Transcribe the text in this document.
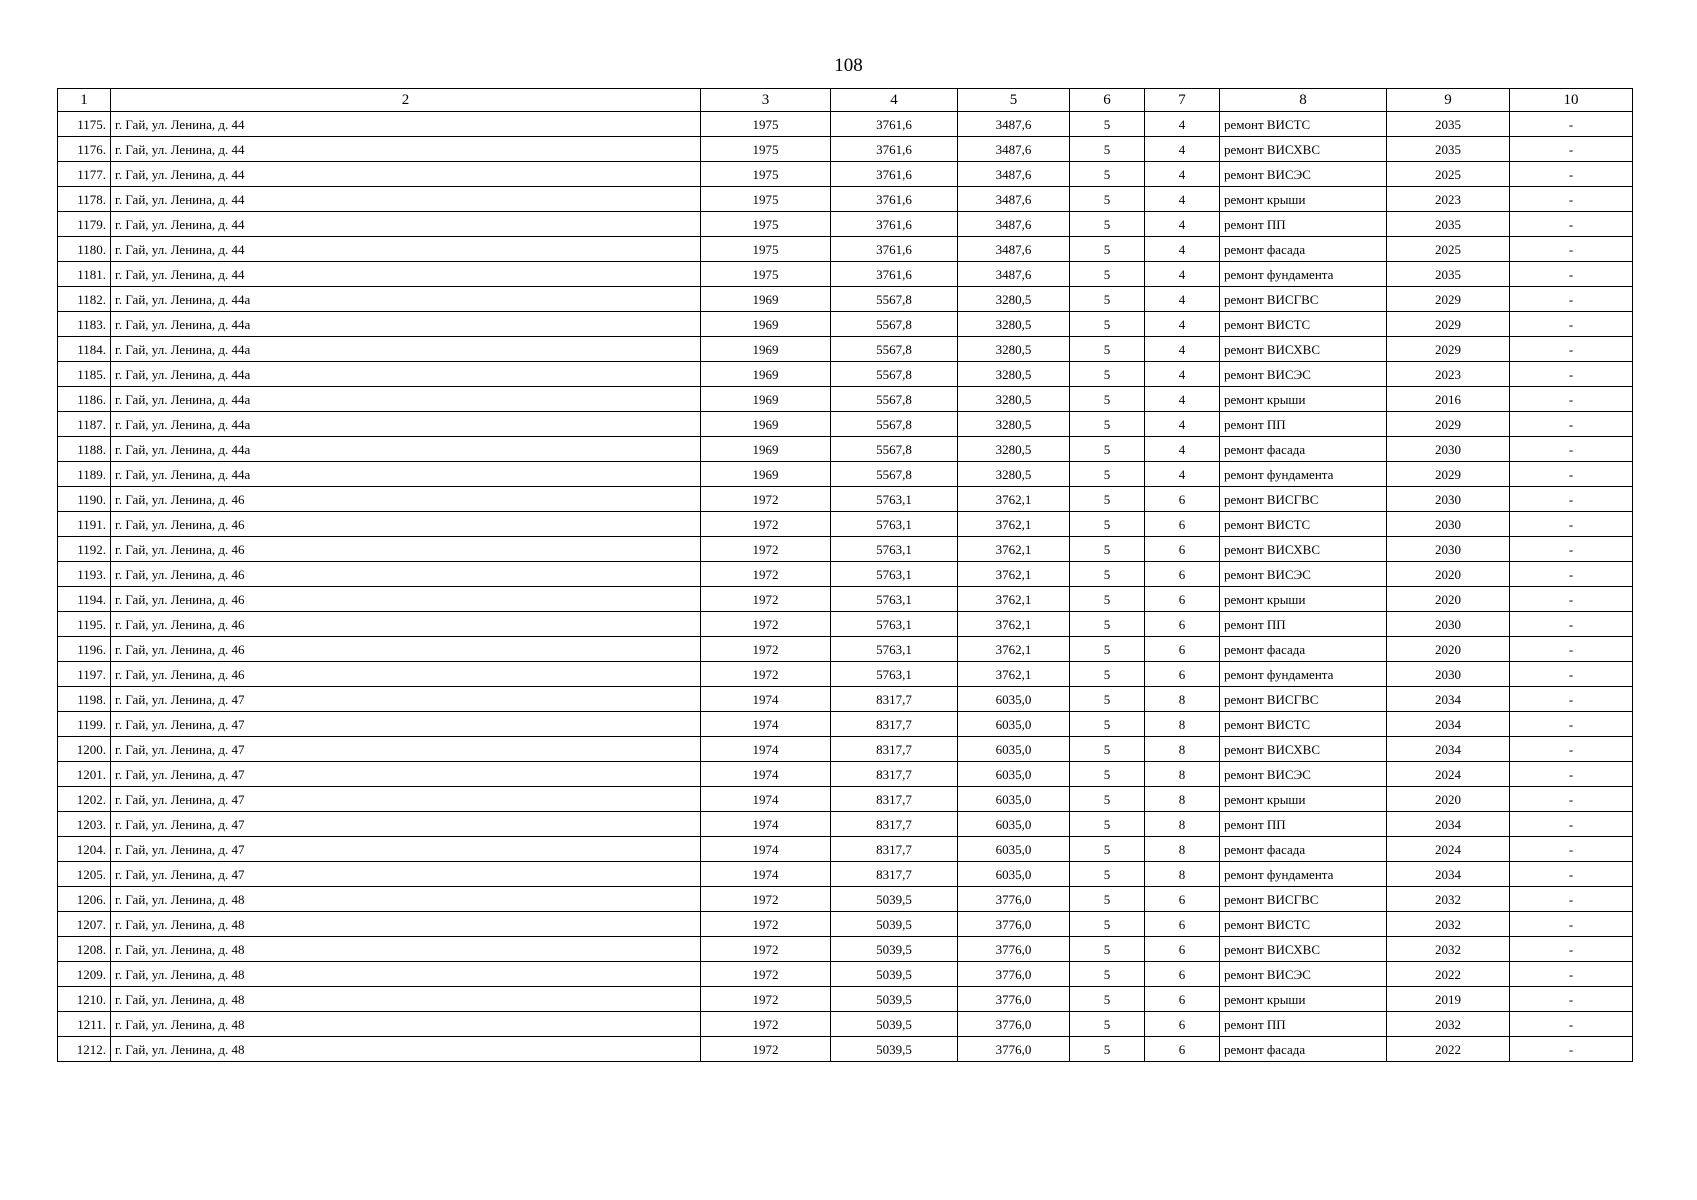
108
1	2	3	4	5	6	7	8	9	10
1175.	г. Гай, ул. Ленина, д. 44	1975	3761,6	3487,6	5	4	ремонт ВИСТС	2035	-
1176.	г. Гай, ул. Ленина, д. 44	1975	3761,6	3487,6	5	4	ремонт ВИСХВС	2035	-
1177.	г. Гай, ул. Ленина, д. 44	1975	3761,6	3487,6	5	4	ремонт ВИСЭС	2025	-
1178.	г. Гай, ул. Ленина, д. 44	1975	3761,6	3487,6	5	4	ремонт крыши	2023	-
1179.	г. Гай, ул. Ленина, д. 44	1975	3761,6	3487,6	5	4	ремонт ПП	2035	-
1180.	г. Гай, ул. Ленина, д. 44	1975	3761,6	3487,6	5	4	ремонт фасада	2025	-
1181.	г. Гай, ул. Ленина, д. 44	1975	3761,6	3487,6	5	4	ремонт фундамента	2035	-
1182.	г. Гай, ул. Ленина, д. 44а	1969	5567,8	3280,5	5	4	ремонт ВИСГВС	2029	-
1183.	г. Гай, ул. Ленина, д. 44а	1969	5567,8	3280,5	5	4	ремонт ВИСТС	2029	-
1184.	г. Гай, ул. Ленина, д. 44а	1969	5567,8	3280,5	5	4	ремонт ВИСХВС	2029	-
1185.	г. Гай, ул. Ленина, д. 44а	1969	5567,8	3280,5	5	4	ремонт ВИСЭС	2023	-
1186.	г. Гай, ул. Ленина, д. 44а	1969	5567,8	3280,5	5	4	ремонт крыши	2016	-
1187.	г. Гай, ул. Ленина, д. 44а	1969	5567,8	3280,5	5	4	ремонт ПП	2029	-
1188.	г. Гай, ул. Ленина, д. 44а	1969	5567,8	3280,5	5	4	ремонт фасада	2030	-
1189.	г. Гай, ул. Ленина, д. 44а	1969	5567,8	3280,5	5	4	ремонт фундамента	2029	-
1190.	г. Гай, ул. Ленина, д. 46	1972	5763,1	3762,1	5	6	ремонт ВИСГВС	2030	-
1191.	г. Гай, ул. Ленина, д. 46	1972	5763,1	3762,1	5	6	ремонт ВИСТС	2030	-
1192.	г. Гай, ул. Ленина, д. 46	1972	5763,1	3762,1	5	6	ремонт ВИСХВС	2030	-
1193.	г. Гай, ул. Ленина, д. 46	1972	5763,1	3762,1	5	6	ремонт ВИСЭС	2020	-
1194.	г. Гай, ул. Ленина, д. 46	1972	5763,1	3762,1	5	6	ремонт крыши	2020	-
1195.	г. Гай, ул. Ленина, д. 46	1972	5763,1	3762,1	5	6	ремонт ПП	2030	-
1196.	г. Гай, ул. Ленина, д. 46	1972	5763,1	3762,1	5	6	ремонт фасада	2020	-
1197.	г. Гай, ул. Ленина, д. 46	1972	5763,1	3762,1	5	6	ремонт фундамента	2030	-
1198.	г. Гай, ул. Ленина, д. 47	1974	8317,7	6035,0	5	8	ремонт ВИСГВС	2034	-
1199.	г. Гай, ул. Ленина, д. 47	1974	8317,7	6035,0	5	8	ремонт ВИСТС	2034	-
1200.	г. Гай, ул. Ленина, д. 47	1974	8317,7	6035,0	5	8	ремонт ВИСХВС	2034	-
1201.	г. Гай, ул. Ленина, д. 47	1974	8317,7	6035,0	5	8	ремонт ВИСЭС	2024	-
1202.	г. Гай, ул. Ленина, д. 47	1974	8317,7	6035,0	5	8	ремонт крыши	2020	-
1203.	г. Гай, ул. Ленина, д. 47	1974	8317,7	6035,0	5	8	ремонт ПП	2034	-
1204.	г. Гай, ул. Ленина, д. 47	1974	8317,7	6035,0	5	8	ремонт фасада	2024	-
1205.	г. Гай, ул. Ленина, д. 47	1974	8317,7	6035,0	5	8	ремонт фундамента	2034	-
1206.	г. Гай, ул. Ленина, д. 48	1972	5039,5	3776,0	5	6	ремонт ВИСГВС	2032	-
1207.	г. Гай, ул. Ленина, д. 48	1972	5039,5	3776,0	5	6	ремонт ВИСТС	2032	-
1208.	г. Гай, ул. Ленина, д. 48	1972	5039,5	3776,0	5	6	ремонт ВИСХВС	2032	-
1209.	г. Гай, ул. Ленина, д. 48	1972	5039,5	3776,0	5	6	ремонт ВИСЭС	2022	-
1210.	г. Гай, ул. Ленина, д. 48	1972	5039,5	3776,0	5	6	ремонт крыши	2019	-
1211.	г. Гай, ул. Ленина, д. 48	1972	5039,5	3776,0	5	6	ремонт ПП	2032	-
1212.	г. Гай, ул. Ленина, д. 48	1972	5039,5	3776,0	5	6	ремонт фасада	2022	-
